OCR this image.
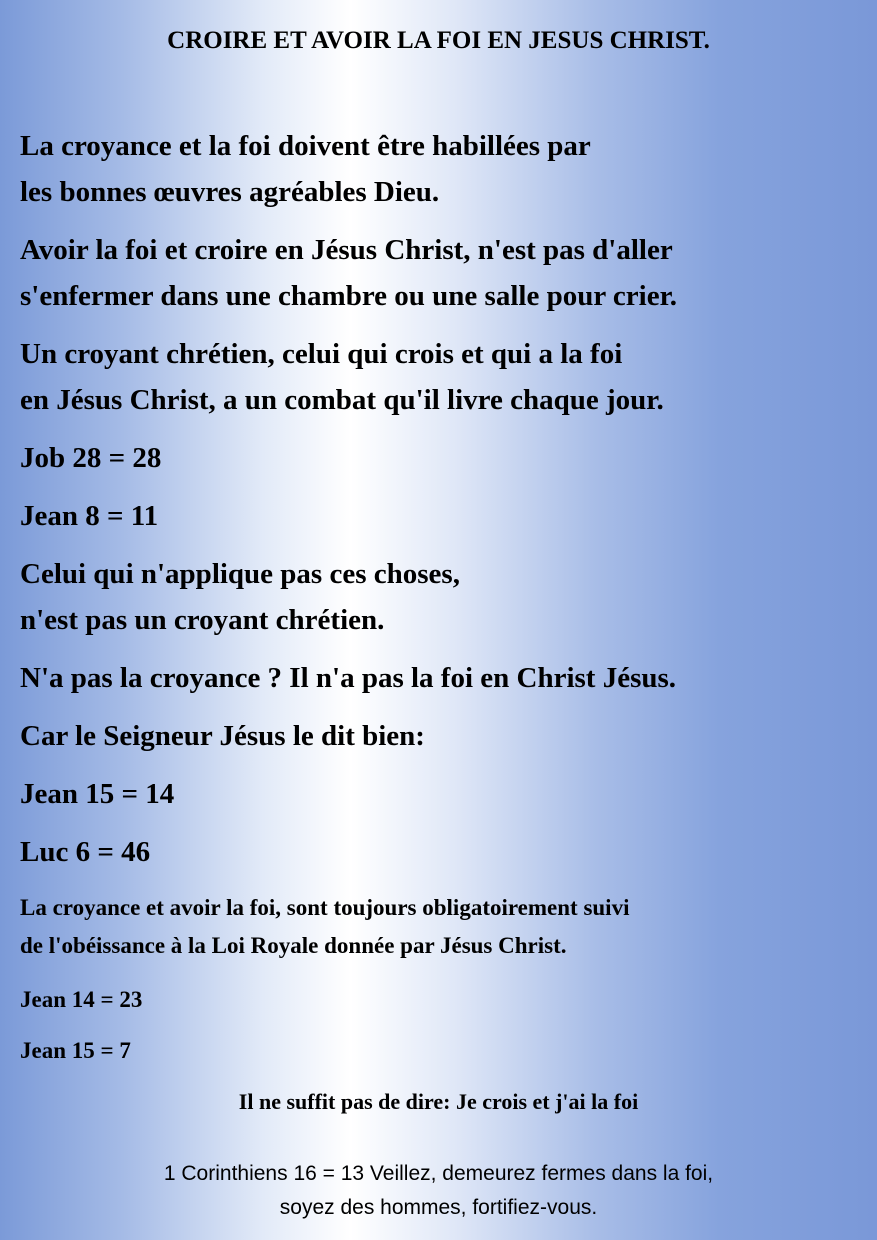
CROIRE ET AVOIR LA FOI EN JESUS CHRIST.

La croyance et la foi doivent être habillées par
les bonnes œuvres agréables Dieu.

Avoir la foi et croire en Jésus Christ, n'est pas d'aller
s'enfermer dans une chambre ou une salle pour crier.

Un croyant chrétien, celui qui crois et qui a la foi
en Jésus Christ, a un combat qu'il livre chaque jour.

Job 28 = 28

Jean 8 = 11

Celui qui n'applique pas ces choses,
n'est pas un croyant chrétien.

N'a pas la croyance ? Il n'a pas la foi en Christ Jésus.

Car le Seigneur Jésus le dit bien:

Jean 15 = 14

Luc 6 = 46

La croyance et avoir la foi, sont toujours obligatoirement suivi
de l'obéissance à la Loi Royale donnée par Jésus Christ.

Jean 14 = 23

Jean 15 = 7

Il ne suffit pas de dire: Je crois et j'ai la foi
1 Corinthiens 16 = 13 Veillez, demeurez fermes dans la foi,
soyez des hommes, fortifiez-vous.
